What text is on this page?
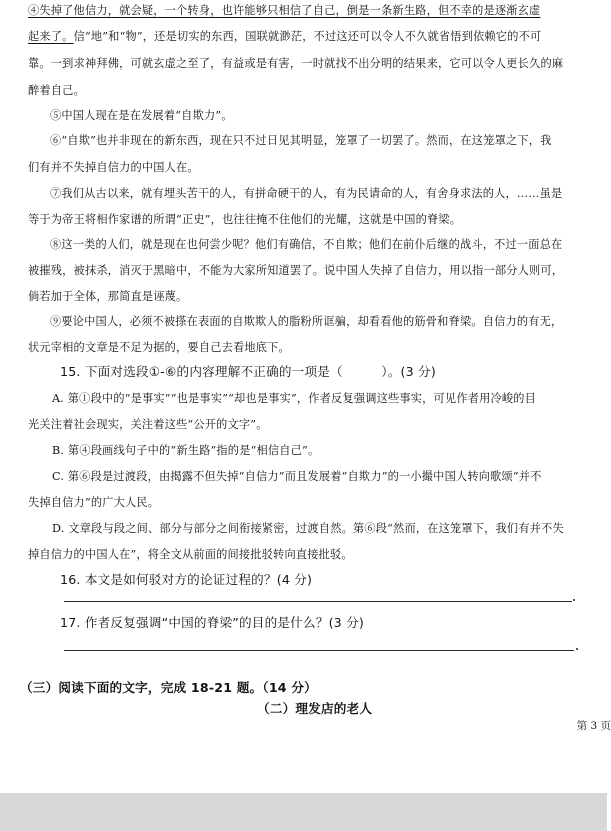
④失掉了他信力，就会疑，一个转身，也许能够只相信了自己，倒是一条新生路，但不幸的是逐渐玄虚
起来了。信“地”和“物”，还是切实的东西，国联就渺茫，不过这还可以令人不久就省悟到依赖它的不可
靠。一到求神拜佛，可就玄虚之至了，有益或是有害，一时就找不出分明的结果来，它可以令人更长久的麻
醉着自己。
⑤中国人现在是在发展着“自欺力”。
⑥“自欺”也并非现在的新东西，现在只不过日见其明显，笼罩了一切罢了。然而，在这笼罩之下，我
们有并不失掉自信力的中国人在。
⑦我们从古以来，就有埋头苦干的人，有拼命硬干的人，有为民请命的人，有舍身求法的人，……虽是
等于为帝王将相作家谱的所谓“正史”，也往往掩不住他们的光耀，这就是中国的脊梁。
⑧这一类的人们，就是现在也何尝少呢？他们有确信，不自欺；他们在前仆后继的战斗，不过一面总在
被摧残，被抹杀，消灭于黑暗中，不能为大家所知道罢了。说中国人失掉了自信力，用以指一部分人则可，
倘若加于全体，那简直是诬蔑。
⑨要论中国人，必须不被搽在表面的自欺欺人的脂粉所诓骗，却看看他的筋骨和脊梁。自信力的有无，
状元宰相的文章是不足为据的，要自己去看地底下。
15. 下面对选段①-⑥的内容理解不正确的一项是（　　　）。(3 分)
A. 第①段中的“是事实”“也是事实”“却也是事实”，作者反复强调这些事实，可见作者用冷峻的目
光关注着社会现实，关注着这些“公开的文字”。
B. 第④段画线句子中的“新生路”指的是“相信自己”。
C. 第⑥段是过渡段，由揭露不但失掉“自信力”而且发展着“自欺力”的一小撮中国人转向歌颂“并不
失掉自信力”的广大人民。
D. 文章段与段之间、部分与部分之间衔接紧密，过渡自然。第⑥段“然而，在这笼罩下，我们有并不失
掉自信力的中国人在”，将全文从前面的间接批驳转向直接批驳。
16. 本文是如何驳对方的论证过程的？(4 分)
17. 作者反复强调“中国的脊梁”的目的是什么？(3 分)
（三）阅读下面的文字，完成 18-21 题。（14 分）
（二）理发店的老人
第 3 页
